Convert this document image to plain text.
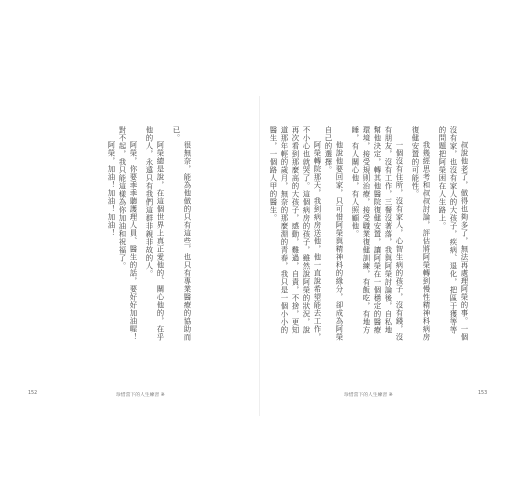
很無奈，能為他做的只有這些，也只有專業醫療的協助而已。

阿榮總是說，在這個世界上真正愛他的、關心他的，在乎他的人，永遠只有我們這群非親非故的人。

阿榮，你要乖乖聽護理人員、醫生的話，要好好加油喔！對不起，我只能這樣為你加油和祝福了。

阿榮，加油！加油！加油！

152	珍惜當下的人生練習 ※

叔說他老了，做得也夠多了，無法再處理阿榮的事。一個沒有家，也沒有家人的大孩子，疾病、退化，把區于獲等等的問題把阿榮困在人生路上。

我幾經思考和叔叔討論，評估將阿榮轉到慢性精神科病房復健安置的可能性。

一個沒有住所，沒有家人，心智生病的孩子，沒有錢，沒有朋友，沒有工作，三餐沒著落，我與阿榮討論後，自私地幫他決定，轉其他醫院復健安置，讓阿榮在一個穩定的醫療環境，接受規則治療，接受職業復健訓練，有飯吃，有地方睡，有人關心他，有人照顧他。

他說他要回家，只可惜阿榮與精神科的緣分，卻成為阿榮自己的選擇。

阿榮轉院那天，我到病房送他，他一直說希望能去工作，不小心也就哭了。這個病房的孩子，雖然說阿榮的狀況，說再次看到那麼高的大孩子，感動，難過，自責，不捨，更知道那年輕的歲月，無奈的那麼淵的青春，我只是一個小小的醫生，一個路人甲的醫生。

珍惜當下的人生練習 ※	153
